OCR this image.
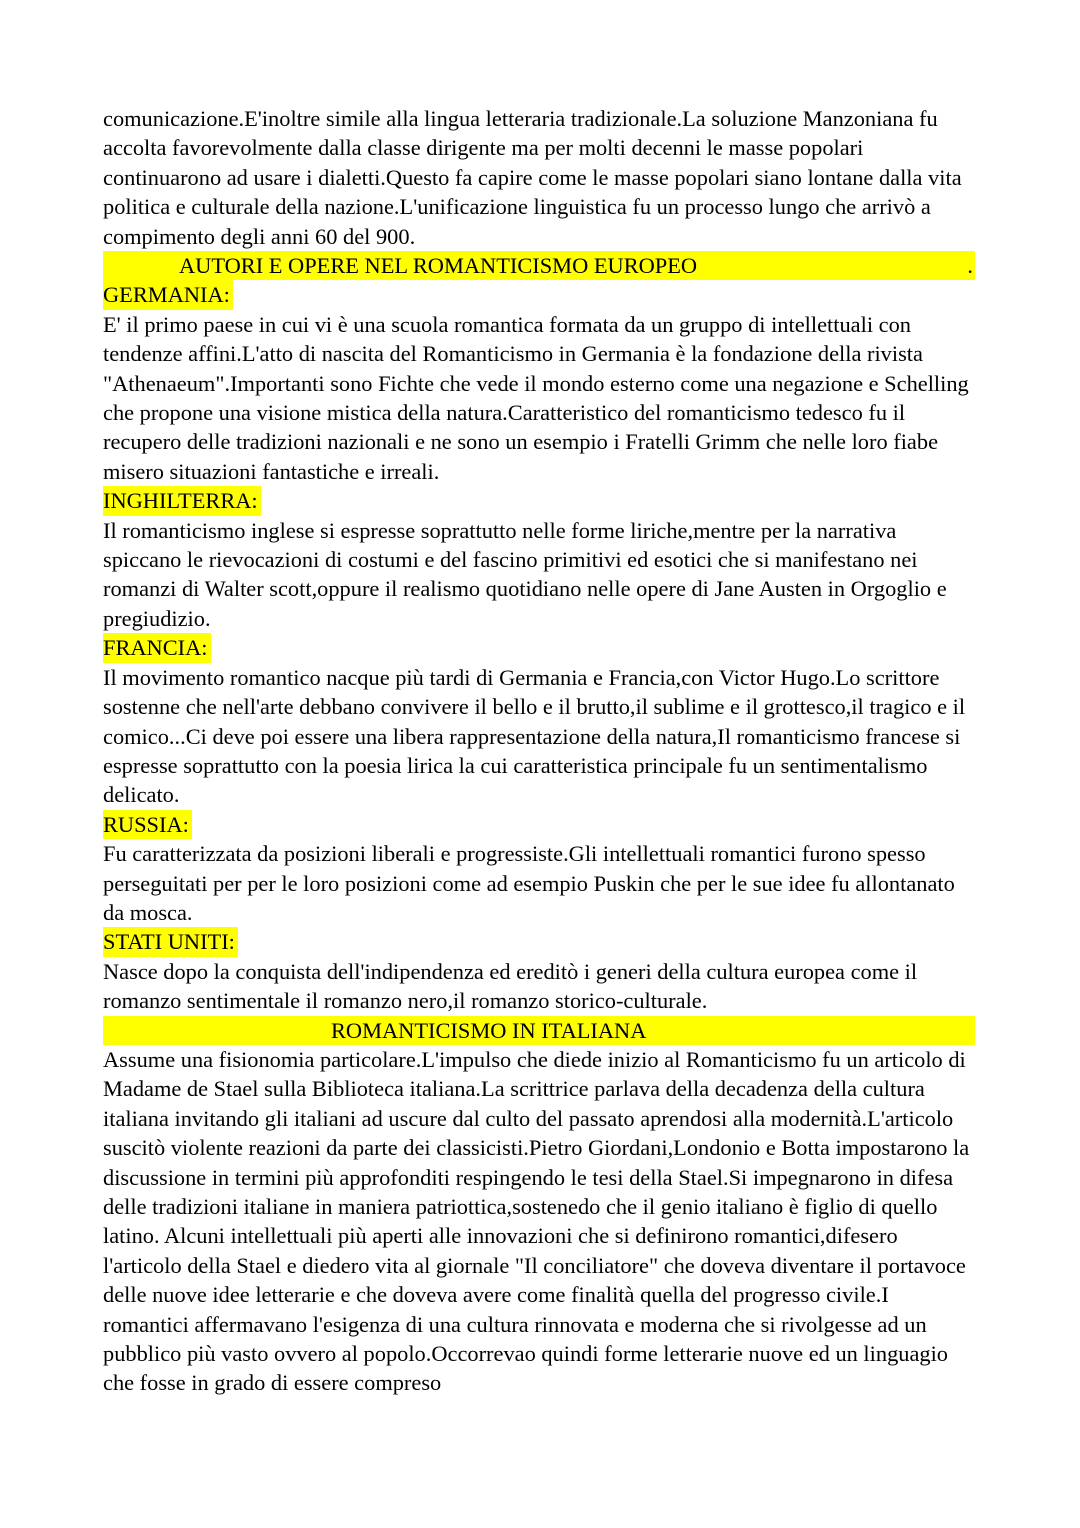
comunicazione.E'inoltre simile alla lingua letteraria tradizionale.La soluzione Manzoniana fu accolta favorevolmente dalla classe dirigente ma per molti decenni le masse popolari continuarono ad usare i dialetti.Questo fa capire come le masse popolari siano lontane dalla vita politica e culturale della nazione.L'unificazione linguistica fu un processo lungo che arrivò a compimento degli anni 60 del 900.

AUTORI E OPERE NEL ROMANTICISMO EUROPEO	.
GERMANIA:

E' il primo paese in cui vi è una scuola romantica formata da un gruppo di intellettuali con tendenze affini.L'atto di nascita del Romanticismo in Germania è la fondazione della rivista "Athenaeum".Importanti sono Fichte che vede il mondo esterno come una negazione e Schelling che propone una visione mistica della natura.Caratteristico del romanticismo tedesco fu il recupero delle tradizioni nazionali e ne sono un esempio i Fratelli Grimm che nelle loro fiabe misero situazioni fantastiche e irreali.

INGHILTERRA:

Il romanticismo inglese si espresse soprattutto nelle forme liriche,mentre per la narrativa spiccano le rievocazioni di costumi e del fascino primitivi ed esotici che si manifestano nei romanzi di Walter scott,oppure il realismo quotidiano nelle opere di Jane Austen in Orgoglio e pregiudizio.

FRANCIA:

Il movimento romantico nacque più tardi di Germania e Francia,con Victor Hugo.Lo scrittore sostenne che nell'arte debbano convivere il bello e il brutto,il sublime e il grottesco,il tragico e il comico...Ci deve poi essere una libera rappresentazione della natura,Il romanticismo francese si espresse soprattutto con la poesia lirica la cui caratteristica principale fu un sentimentalismo delicato.

RUSSIA:

Fu caratterizzata da posizioni liberali e progressiste.Gli intellettuali romantici furono spesso perseguitati per per le loro posizioni come ad esempio Puskin che per le sue idee fu allontanato da mosca.

STATI UNITI:

Nasce dopo la conquista dell'indipendenza ed ereditò i generi della cultura europea come il romanzo sentimentale il romanzo nero,il romanzo storico-culturale.

ROMANTICISMO IN ITALIANA

Assume una fisionomia particolare.L'impulso che diede inizio al Romanticismo fu un articolo di Madame de Stael sulla Biblioteca italiana.La scrittrice parlava della decadenza della cultura italiana invitando gli italiani ad uscure dal culto del passato aprendosi alla modernità.L'articolo suscitò violente reazioni da parte dei classicisti.Pietro Giordani,Londonio e Botta impostarono la discussione in termini più approfonditi respingendo le tesi della Stael.Si impegnarono in difesa delle tradizioni italiane in maniera patriottica,sostenedo che il genio italiano è figlio di quello latino. Alcuni intellettuali più aperti alle innovazioni che si definirono romantici,difesero l'articolo della Stael e diedero vita al giornale "Il conciliatore" che doveva diventare il portavoce delle nuove idee letterarie e che doveva avere come finalità quella del progresso civile.I romantici affermavano l'esigenza di una cultura rinnovata e moderna che si rivolgesse ad un pubblico più vasto ovvero al popolo.Occorrevao quindi forme letterarie nuove ed un linguagio che fosse in grado di essere compreso
